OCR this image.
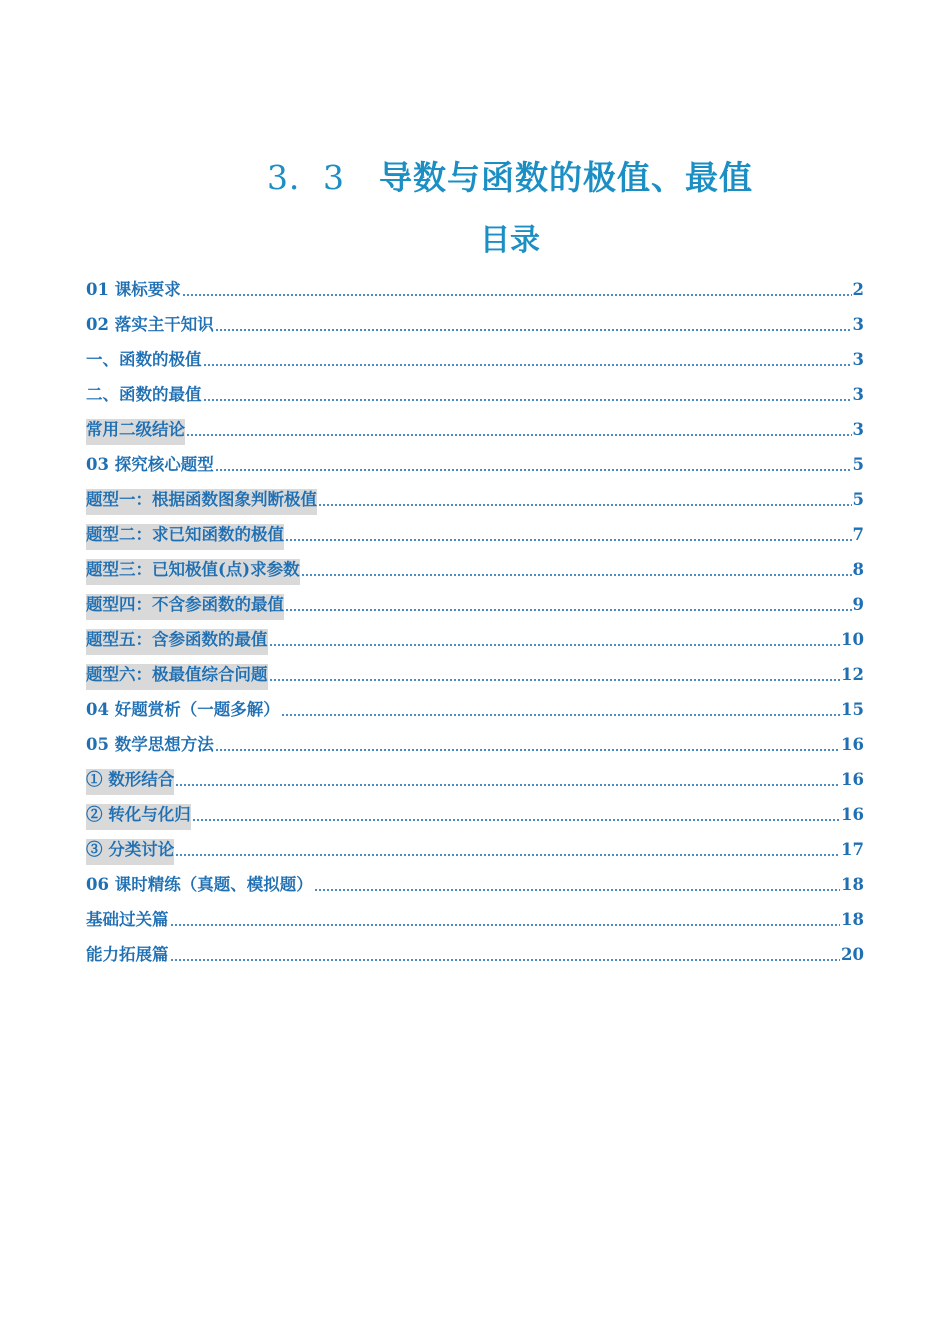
3．3 导数与函数的极值、最值
目录
01 课标要求	2
02 落实主干知识	3
一、函数的极值	3
二、函数的最值	3
常用二级结论	3
03 探究核心题型	5
题型一：根据函数图象判断极值	5
题型二：求已知函数的极值	7
题型三：已知极值(点)求参数	8
题型四：不含参函数的最值	9
题型五：含参函数的最值	10
题型六：极最值综合问题	12
04 好题赏析（一题多解）	15
05 数学思想方法	16
① 数形结合	16
② 转化与化归	16
③ 分类讨论	17
06 课时精练（真题、模拟题）	18
基础过关篇	18
能力拓展篇	20
